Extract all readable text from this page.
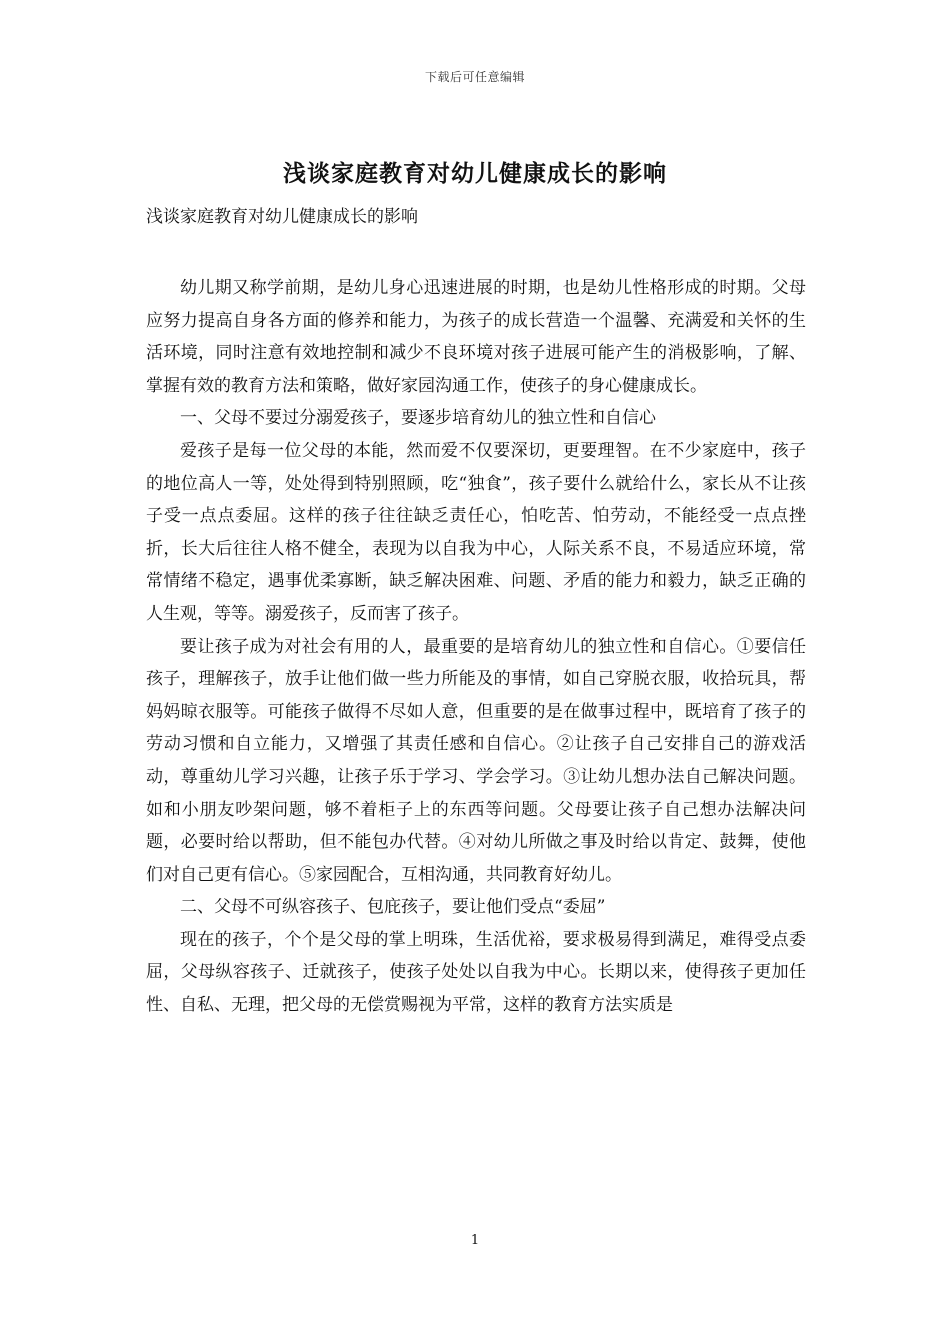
下载后可任意编辑
浅谈家庭教育对幼儿健康成长的影响
浅谈家庭教育对幼儿健康成长的影响

幼儿期又称学前期，是幼儿身心迅速进展的时期，也是幼儿性格形成的时期。父母应努力提高自身各方面的修养和能力，为孩子的成长营造一个温馨、充满爱和关怀的生活环境，同时注意有效地控制和减少不良环境对孩子进展可能产生的消极影响，了解、掌握有效的教育方法和策略，做好家园沟通工作，使孩子的身心健康成长。

一、父母不要过分溺爱孩子，要逐步培育幼儿的独立性和自信心

爱孩子是每一位父母的本能，然而爱不仅要深切，更要理智。在不少家庭中，孩子的地位高人一等，处处得到特别照顾，吃“独食”，孩子要什么就给什么，家长从不让孩子受一点点委屈。这样的孩子往往缺乏责任心，怕吃苦、怕劳动，不能经受一点点挫折，长大后往往人格不健全，表现为以自我为中心，人际关系不良，不易适应环境，常常情绪不稳定，遇事优柔寡断，缺乏解决困难、问题、矛盾的能力和毅力，缺乏正确的人生观，等等。溺爱孩子，反而害了孩子。

要让孩子成为对社会有用的人，最重要的是培育幼儿的独立性和自信心。①要信任孩子，理解孩子，放手让他们做一些力所能及的事情，如自己穿脱衣服，收拾玩具，帮妈妈晾衣服等。可能孩子做得不尽如人意，但重要的是在做事过程中，既培育了孩子的劳动习惯和自立能力，又增强了其责任感和自信心。②让孩子自己安排自己的游戏活动，尊重幼儿学习兴趣，让孩子乐于学习、学会学习。③让幼儿想办法自己解决问题。如和小朋友吵架问题，够不着柜子上的东西等问题。父母要让孩子自己想办法解决问题，必要时给以帮助，但不能包办代替。④对幼儿所做之事及时给以肯定、鼓舞，使他们对自己更有信心。⑤家园配合，互相沟通，共同教育好幼儿。

二、父母不可纵容孩子、包庇孩子，要让他们受点“委屈”

现在的孩子，个个是父母的掌上明珠，生活优裕，要求极易得到满足，难得受点委屈，父母纵容孩子、迁就孩子，使孩子处处以自我为中心。长期以来，使得孩子更加任性、自私、无理，把父母的无偿赏赐视为平常，这样的教育方法实质是

1
